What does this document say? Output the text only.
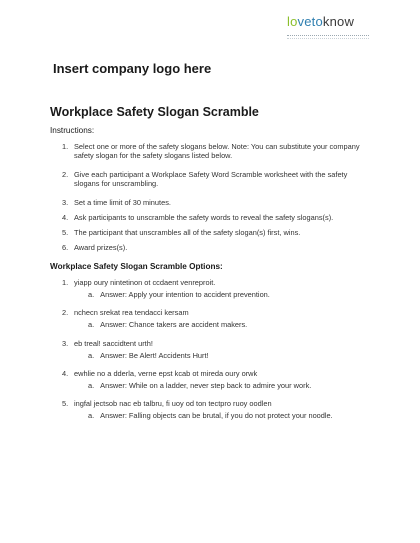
lovetoknow
Insert company logo here
Workplace Safety Slogan Scramble
Instructions:
1. Select one or more of the safety slogans below. Note: You can substitute your company safety slogan for the safety slogans listed below.
2. Give each participant a Workplace Safety Word Scramble worksheet with the safety slogans for unscrambling.
3. Set a time limit of 30 minutes.
4. Ask participants to unscramble the safety words to reveal the safety slogans(s).
5. The participant that unscrambles all of the safety slogan(s) first, wins.
6. Award prizes(s).
Workplace Safety Slogan Scramble Options:
1. yiapp oury nintetinon ot ccdaent venreproit.
a. Answer: Apply your intention to accident prevention.
2. nchecn srekat rea tendacci kersam
a. Answer: Chance takers are accident makers.
3. eb treal! saccidtent urth!
a. Answer: Be Alert! Accidents Hurt!
4. ewhlie no a dderla, verne epst kcab ot mireda oury orwk
a. Answer: While on a ladder, never step back to admire your work.
5. ingfal jectsob nac eb talbru, fi uoy od ton tectpro ruoy oodlen
a. Answer: Falling objects can be brutal, if you do not protect your noodle.
